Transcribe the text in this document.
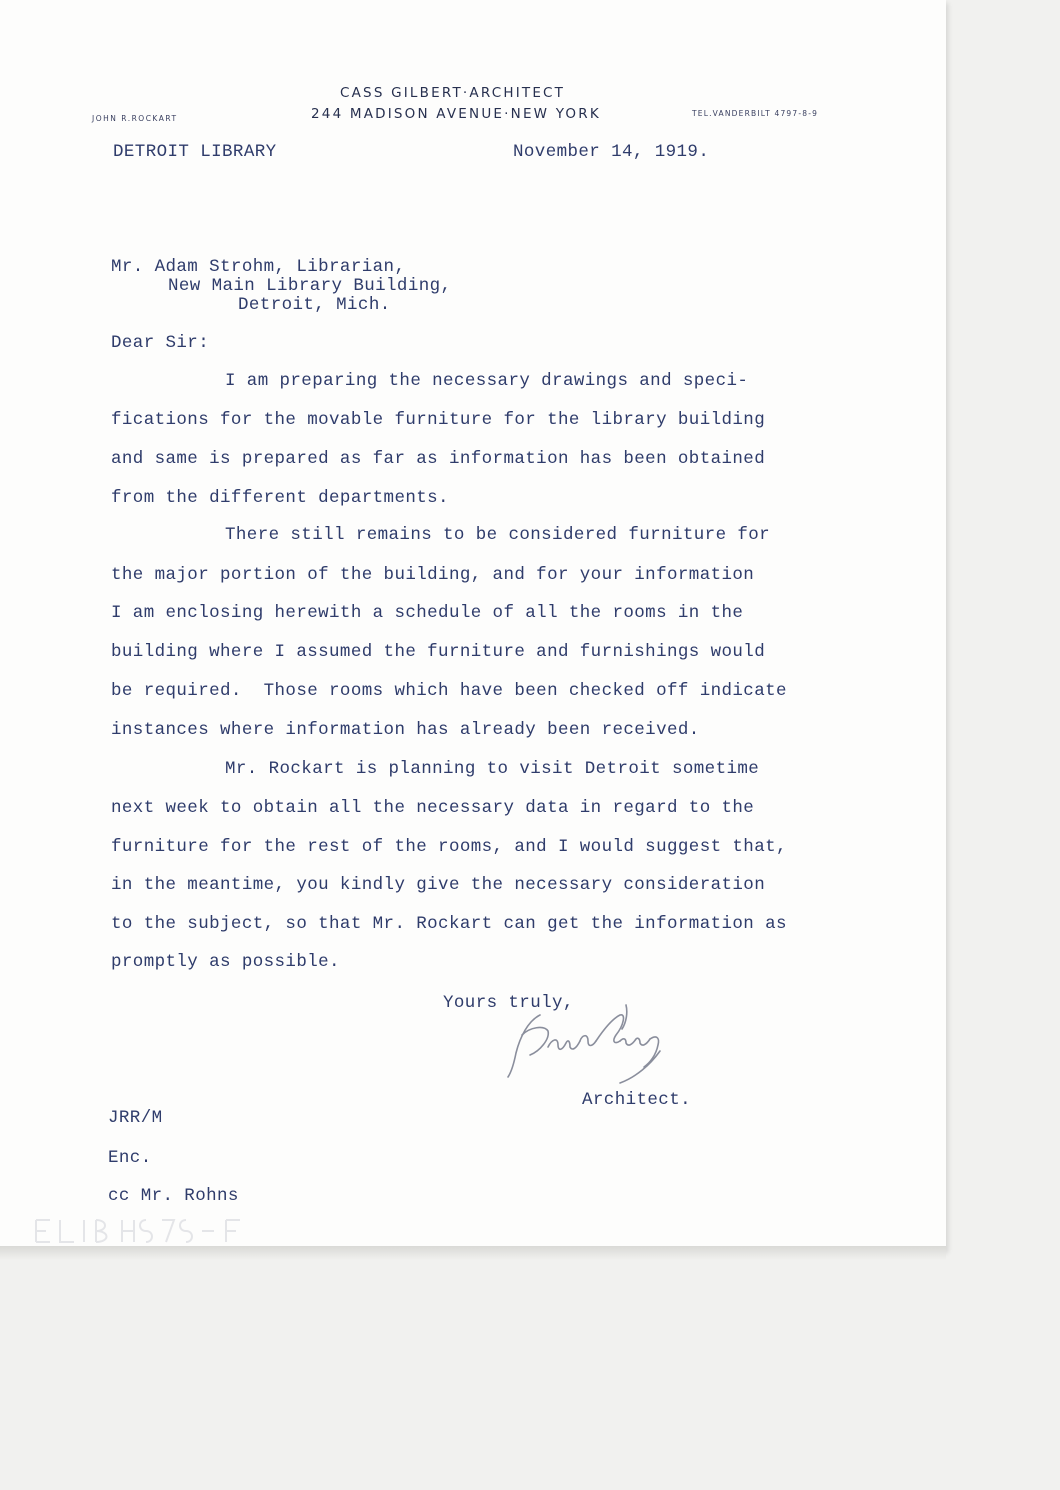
CASS GILBERT·ARCHITECT

244 MADISON AVENUE·NEW YORK

JOHN R.ROCKART

TEL.VANDERBILT 4797-8-9

DETROIT LIBRARY	November 14, 1919.

Mr. Adam Strohm, Librarian,

New Main Library Building,

Detroit, Mich.

Dear Sir:

I am preparing the necessary drawings and speci-

fications for the movable furniture for the library building

and same is prepared as far as information has been obtained

from the different departments.

There still remains to be considered furniture for

the major portion of the building, and for your information

I am enclosing herewith a schedule of all the rooms in the

building where I assumed the furniture and furnishings would

be required.  Those rooms which have been checked off indicate

instances where information has already been received.

Mr. Rockart is planning to visit Detroit sometime

next week to obtain all the necessary data in regard to the

furniture for the rest of the rooms, and I would suggest that,

in the meantime, you kindly give the necessary consideration

to the subject, so that Mr. Rockart can get the information as

promptly as possible.

Yours truly,

Architect.

JRR/M

Enc.

cc Mr. Rohns
